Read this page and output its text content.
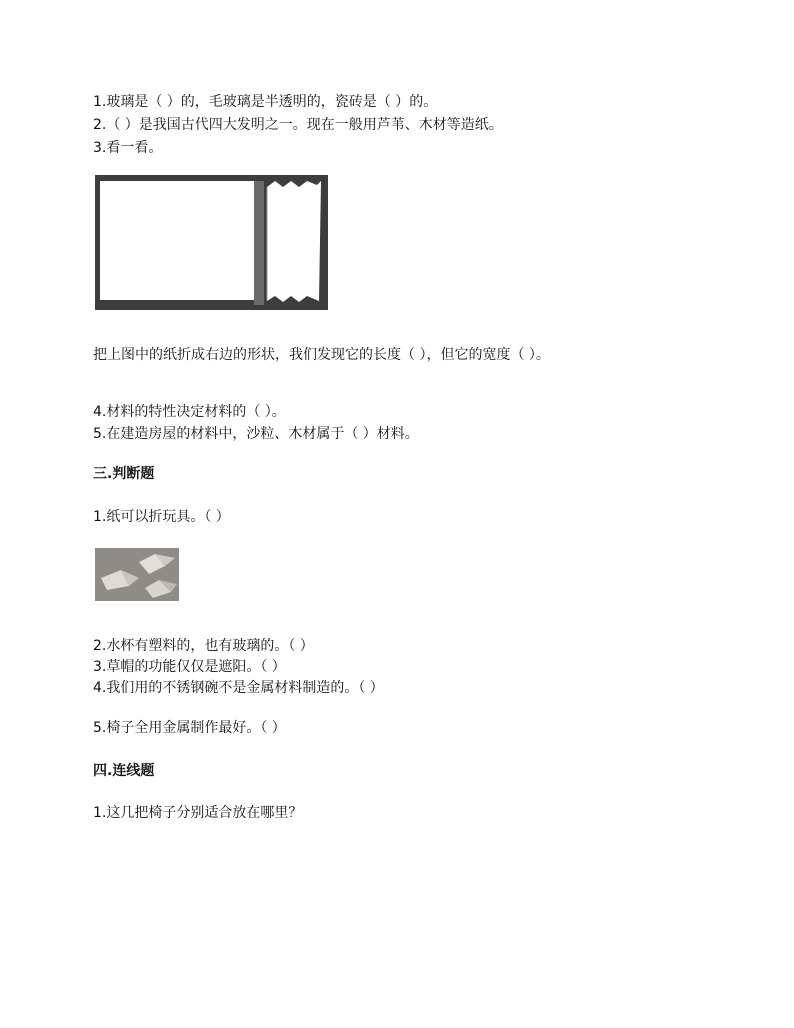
1.玻璃是（ ）的，毛玻璃是半透明的，瓷砖是（ ）的。
2.（ ）是我国古代四大发明之一。现在一般用芦苇、木材等造纸。
3.看一看。
把上图中的纸折成右边的形状，我们发现它的长度（ ），但它的宽度（ ）。
4.材料的特性决定材料的（ ）。
5.在建造房屋的材料中，沙粒、木材属于（ ）材料。
三.判断题
1.纸可以折玩具。（ ）
2.水杯有塑料的，也有玻璃的。（ ）
3.草帽的功能仅仅是遮阳。（ ）
4.我们用的不锈钢碗不是金属材料制造的。（ ）
5.椅子全用金属制作最好。（ ）
四.连线题
1.这几把椅子分别适合放在哪里？
